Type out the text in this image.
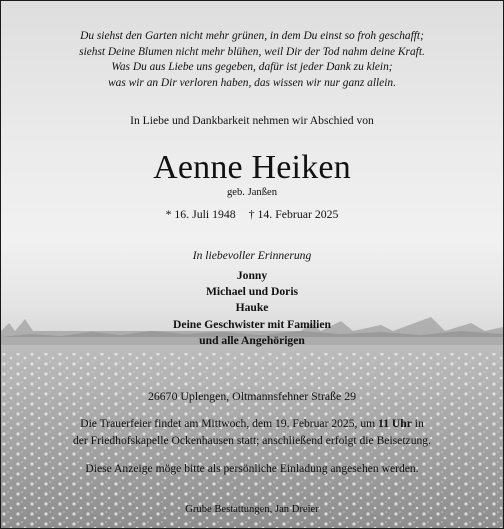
Du siehst den Garten nicht mehr grünen, in dem Du einst so froh geschafft;
siehst Deine Blumen nicht mehr blühen, weil Dir der Tod nahm deine Kraft.
Was Du aus Liebe uns gegeben, dafür ist jeder Dank zu klein;
was wir an Dir verloren haben, das wissen wir nur ganz allein.
In Liebe und Dankbarkeit nehmen wir Abschied von
Aenne Heiken
geb. Janßen
* 16. Juli 1948 † 14. Februar 2025
In liebevoller Erinnerung
Jonny
Michael und Doris
Hauke
Deine Geschwister mit Familien
und alle Angehörigen
26670 Uplengen, Oltmannsfehner Straße 29
Die Trauerfeier findet am Mittwoch, dem 19. Februar 2025, um 11 Uhr in
der Friedhofskapelle Ockenhausen statt; anschließend erfolgt die Beisetzung.
Diese Anzeige möge bitte als persönliche Einladung angesehen werden.
Grube Bestattungen, Jan Dreier
